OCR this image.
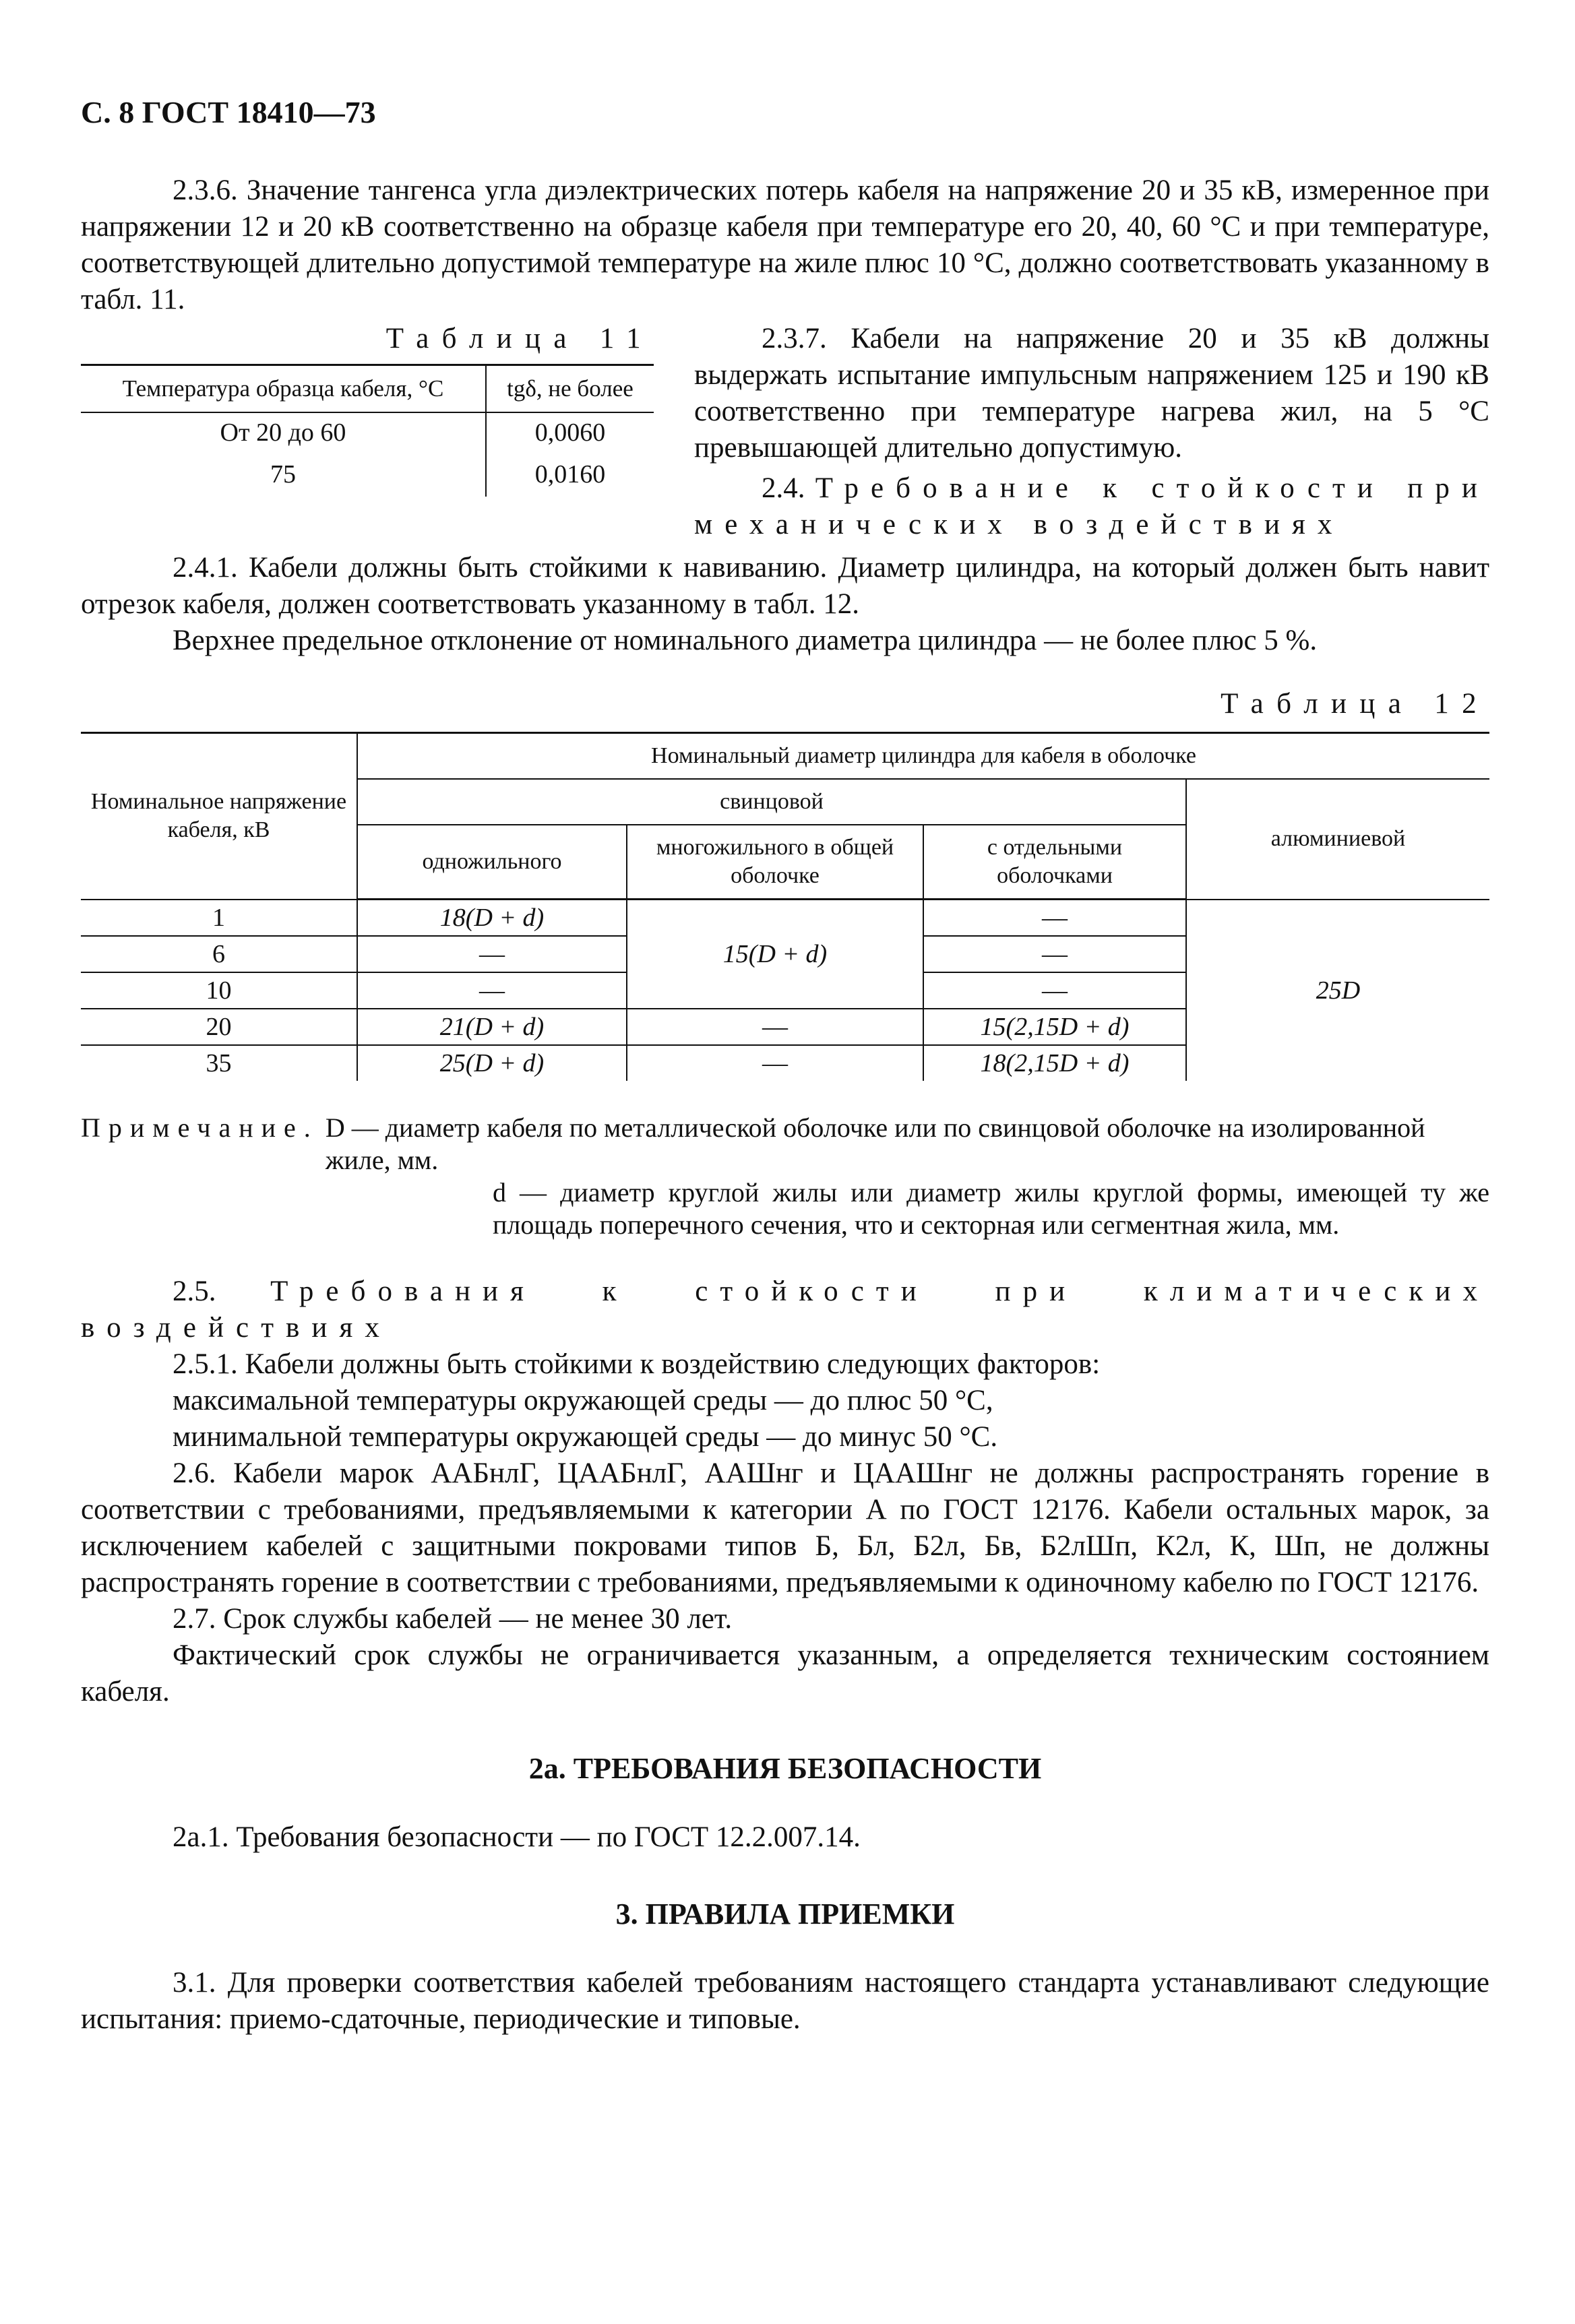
С. 8 ГОСТ 18410—73

2.3.6. Значение тангенса угла диэлектрических потерь кабеля на напряжение 20 и 35 кВ, измеренное при напряжении 12 и 20 кВ соответственно на образце кабеля при температуре его 20, 40, 60 °С и при температуре, соответствующей длительно допустимой температуре на жиле плюс 10 °С, должно соответствовать указанному в табл. 11.

Таблица 11
Температура образца кабеля, °С	tgδ, не более
От 20 до 60	0,0060
75	0,0160

2.3.7. Кабели на напряжение 20 и 35 кВ должны выдержать испытание импульсным напряжением 125 и 190 кВ соответственно при температуре нагрева жил, на 5 °С превышающей длительно допустимую.

2.4. Требование к стойкости при механических воздействиях

2.4.1. Кабели должны быть стойкими к навиванию. Диаметр цилиндра, на который должен быть навит отрезок кабеля, должен соответствовать указанному в табл. 12.

Верхнее предельное отклонение от номинального диаметра цилиндра — не более плюс 5 %.

Таблица 12
Номинальное напряжение кабеля, кВ	Номинальный диаметр цилиндра для кабеля в оболочке			
	свинцовой			алюминиевой
	одножильного	многожильного в общей оболочке	с отдельными оболочками	
1	18(D + d)	15(D + d)	—	25D
6	—		—	
10	—		—	
20	21(D + d)	—	15(2,15D + d)	
35	25(D + d)	—	18(2,15D + d)	
Примечание. D — диаметр кабеля по металлической оболочке или по свинцовой оболочке на изолированной жиле, мм.
d — диаметр круглой жилы или диаметр жилы круглой формы, имеющей ту же площадь поперечного сечения, что и секторная или сегментная жила, мм.

2.5. Требования к стойкости при климатических воздействиях

2.5.1. Кабели должны быть стойкими к воздействию следующих факторов:

максимальной температуры окружающей среды — до плюс 50 °С,

минимальной температуры окружающей среды — до минус 50 °С.

2.6. Кабели марок ААБнлГ, ЦААБнлГ, ААШнг и ЦААШнг не должны распространять горение в соответствии с требованиями, предъявляемыми к категории А по ГОСТ 12176. Кабели остальных марок, за исключением кабелей с защитными покровами типов Б, Бл, Б2л, Бв, Б2лШп, К2л, К, Шп, не должны распространять горение в соответствии с требованиями, предъявляемыми к одиночному кабелю по ГОСТ 12176.

2.7. Срок службы кабелей — не менее 30 лет.

Фактический срок службы не ограничивается указанным, а определяется техническим состоянием кабеля.

2а. ТРЕБОВАНИЯ БЕЗОПАСНОСТИ

2а.1. Требования безопасности — по ГОСТ 12.2.007.14.

3. ПРАВИЛА ПРИЕМКИ

3.1. Для проверки соответствия кабелей требованиям настоящего стандарта устанавливают следующие испытания: приемо-сдаточные, периодические и типовые.
